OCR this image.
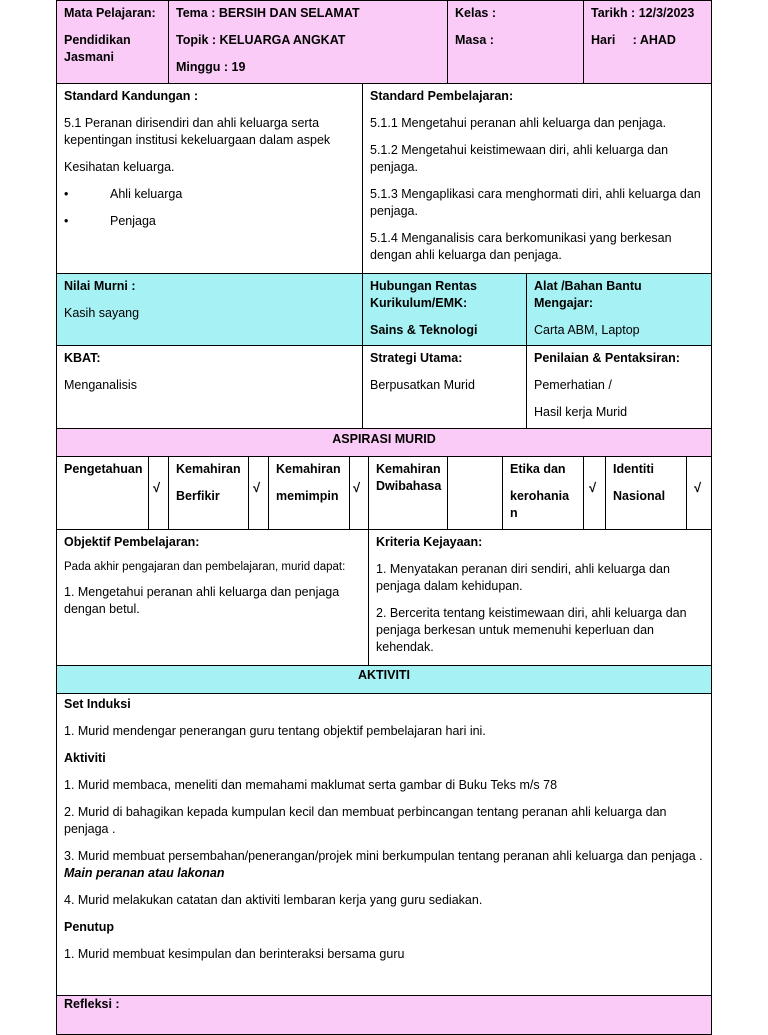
Mata Pelajaran:
Pendidikan Jasmani
Tema : BERSIH DAN SELAMAT
Topik : KELUARGA ANGKAT
Minggu : 19
Kelas :
Masa :
Tarikh : 12/3/2023
Hari     : AHAD
Standard Kandungan :
5.1 Peranan dirisendiri dan ahli keluarga serta kepentingan institusi kekeluargaan dalam aspek
Kesihatan keluarga.
•	Ahli keluarga
•	Penjaga
Standard Pembelajaran:
5.1.1 Mengetahui peranan ahli keluarga dan penjaga.
5.1.2 Mengetahui keistimewaan diri, ahli keluarga dan penjaga.
5.1.3 Mengaplikasi cara menghormati diri, ahli keluarga dan penjaga.
5.1.4 Menganalisis cara berkomunikasi yang berkesan dengan ahli keluarga dan penjaga.
Nilai Murni :
Kasih sayang
Hubungan Rentas Kurikulum/EMK:
Sains & Teknologi
Alat /Bahan Bantu Mengajar:
Carta ABM, Laptop
KBAT:
Menganalisis
Strategi Utama:
Berpusatkan Murid
Penilaian & Pentaksiran:
Pemerhatian /
Hasil kerja Murid
ASPIRASI MURID
Pengetahuan
√
Kemahiran
Berfikir
√
Kemahiran
memimpin
√
Kemahiran
Dwibahasa
Etika dan
kerohania
n
√
Identiti
Nasional
√
Objektif Pembelajaran:
Pada akhir pengajaran dan pembelajaran, murid dapat:
1. Mengetahui peranan ahli keluarga dan penjaga dengan betul.
Kriteria Kejayaan:
1. Menyatakan peranan diri sendiri, ahli keluarga dan penjaga dalam kehidupan.
2. Bercerita tentang keistimewaan diri, ahli keluarga dan penjaga berkesan untuk memenuhi keperluan dan kehendak.
AKTIVITI
Set Induksi
1. Murid mendengar penerangan guru tentang objektif pembelajaran hari ini.
Aktiviti
1. Murid membaca, meneliti dan memahami maklumat serta gambar di Buku Teks m/s 78
2. Murid di bahagikan kepada kumpulan kecil dan membuat perbincangan tentang peranan ahli keluarga dan penjaga .
3. Murid membuat persembahan/penerangan/projek mini berkumpulan tentang peranan ahli keluarga dan penjaga . Main peranan atau lakonan
4. Murid melakukan catatan dan aktiviti lembaran kerja yang guru sediakan.
Penutup
1. Murid membuat kesimpulan dan berinteraksi bersama guru
Refleksi :
